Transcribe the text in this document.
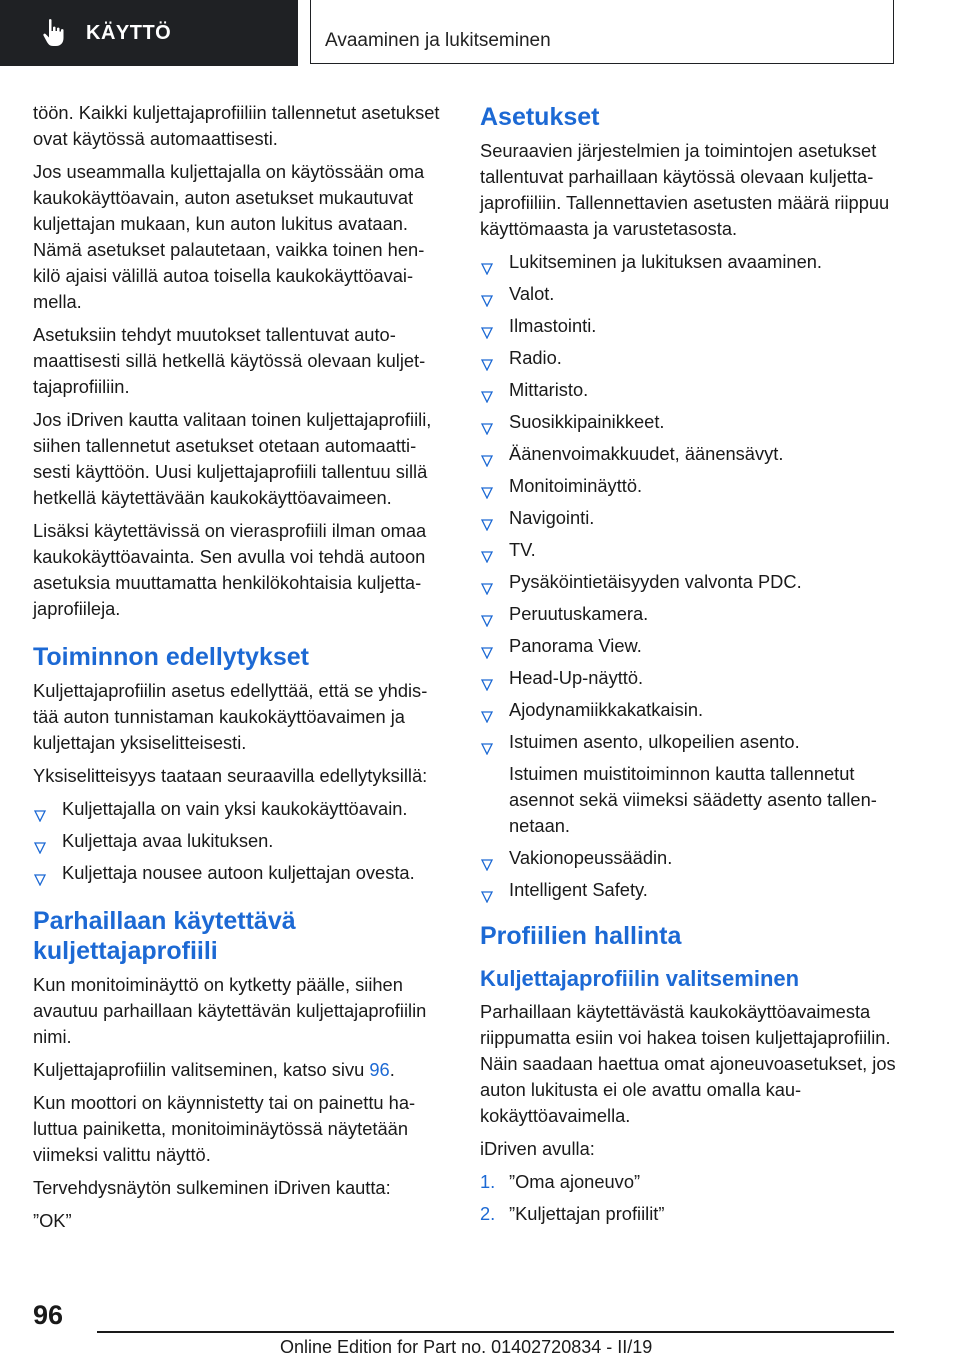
KÄYTTÖ	Avaaminen ja lukitseminen

töön. Kaikki kuljettajaprofiiliin tallennetut asetukset ovat käytössä automaattisesti.

Jos useammalla kuljettajalla on käytössään oma kaukokäyttöavain, auton asetukset mukautuvat kuljettajan mukaan, kun auton lukitus avataan. Nämä asetukset palautetaan, vaikka toinen henkilö ajaisi välillä autoa toisella kaukokäyttöavaimella.

Asetuksiin tehdyt muutokset tallentuvat automaattisesti sillä hetkellä käytössä olevaan kuljettajaprofiiliin.

Jos iDriven kautta valitaan toinen kuljettajaprofiili, siihen tallennetut asetukset otetaan automaattisesti käyttöön. Uusi kuljettajaprofiili tallentuu sillä hetkellä käytettävään kaukokäyttöavaimeen.

Lisäksi käytettävissä on vierasprofiili ilman omaa kaukokäyttöavainta. Sen avulla voi tehdä autoon asetuksia muuttamatta henkilökohtaisia kuljettajaprofiileja.

Toiminnon edellytykset

Kuljettajaprofiilin asetus edellyttää, että se yhdistää auton tunnistaman kaukokäyttöavaimen ja kuljettajan yksiselitteisesti.

Yksiselitteisyys taataan seuraavilla edellytyksillä:

Kuljettajalla on vain yksi kaukokäyttöavain.
Kuljettaja avaa lukituksen.
Kuljettaja nousee autoon kuljettajan ovesta.
Parhaillaan käytettävä kuljettajaprofiili

Kun monitoiminäyttö on kytketty päälle, siihen avautuu parhaillaan käytettävän kuljettajaprofiilin nimi.

Kuljettajaprofiilin valitseminen, katso sivu 96.

Kun moottori on käynnistetty tai on painettu haluttua painiketta, monitoiminäytössä näytetään viimeksi valittu näyttö.

Tervehdysnäytön sulkeminen iDriven kautta:

”OK”

Asetukset

Seuraavien järjestelmien ja toimintojen asetukset tallentuvat parhaillaan käytössä olevaan kuljettajaprofiiliin. Tallennettavien asetusten määrä riippuu käyttömaasta ja varustetasosta.

Lukitseminen ja lukituksen avaaminen.
Valot.
Ilmastointi.
Radio.
Mittaristo.
Suosikkipainikkeet.
Äänenvoimakkuudet, äänensävyt.
Monitoiminäyttö.
Navigointi.
TV.
Pysäköintietäisyyden valvonta PDC.
Peruutuskamera.
Panorama View.
Head-Up-näyttö.
Ajodynamiikkakatkaisin.
Istuimen asento, ulkopeilien asento.
Istuimen muistitoiminnon kautta tallennetut asennot sekä viimeksi säädetty asento tallennetaan.
Vakionopeussäädin.
Intelligent Safety.
Profiilien hallinta
Kuljettajaprofiilin valitseminen

Parhaillaan käytettävästä kaukokäyttöavaimesta riippumatta esiin voi hakea toisen kuljettajaprofiilin. Näin saadaan haettua omat ajoneuvoasetukset, jos auton lukitusta ei ole avattu omalla kaukokäyttöavaimella.

iDriven avulla:

1. ”Oma ajoneuvo”
2. ”Kuljettajan profiilit”
96
Online Edition for Part no. 01402720834 - II/19
